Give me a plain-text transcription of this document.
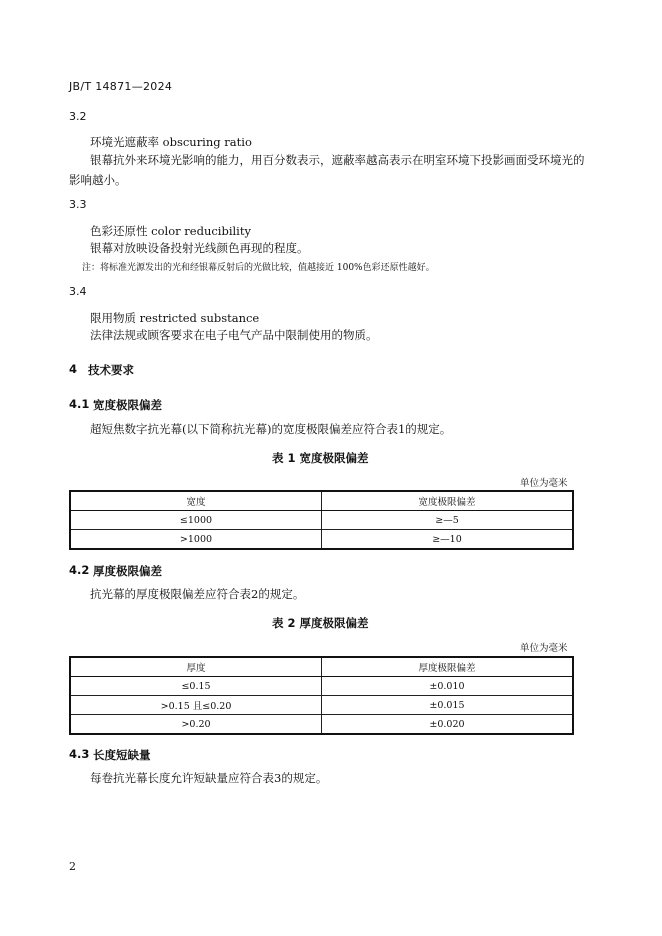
JB/T 14871—2024
3.2
环境光遮蔽率 obscuring ratio
银幕抗外来环境光影响的能力，用百分数表示，遮蔽率越高表示在明室环境下投影画面受环境光的
影响越小。
3.3
色彩还原性 color reducibility
银幕对放映设备投射光线颜色再现的程度。
注：将标准光源发出的光和经银幕反射后的光做比较，值越接近 100%色彩还原性越好。
3.4
限用物质 restricted substance
法律法规或顾客要求在电子电气产品中限制使用的物质。
4 技术要求
4.1 宽度极限偏差
超短焦数字抗光幕(以下简称抗光幕)的宽度极限偏差应符合表1的规定。
表 1 宽度极限偏差
单位为毫米
宽度	宽度极限偏差
≤1000	≥—5
>1000	≥—10
4.2 厚度极限偏差
抗光幕的厚度极限偏差应符合表2的规定。
表 2 厚度极限偏差
单位为毫米
厚度	厚度极限偏差
≤0.15	±0.010
>0.15 且≤0.20	±0.015
>0.20	±0.020
4.3 长度短缺量
每卷抗光幕长度允许短缺量应符合表3的规定。
2
